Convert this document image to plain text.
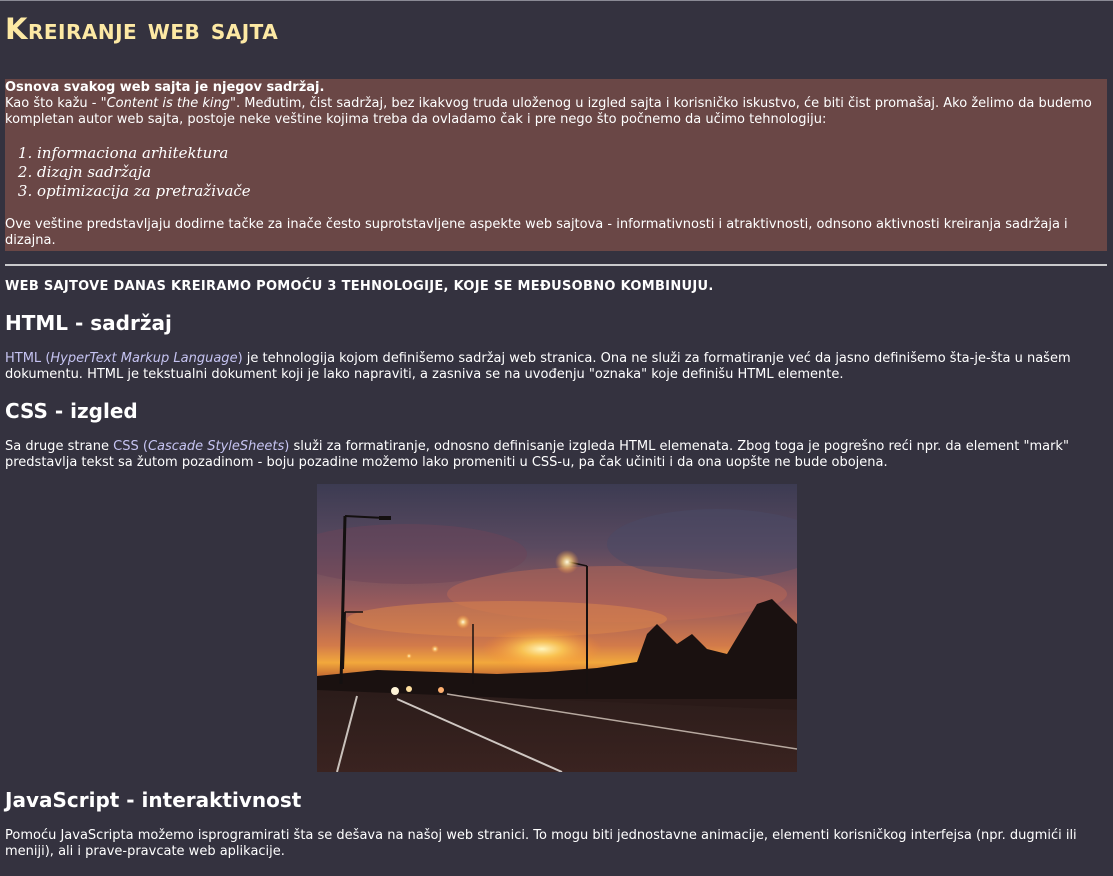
Kreiranje web sajta

Osnova svakog web sajta je njegov sadržaj.

Kao što kažu - "Content is the king". Međutim, čist sadržaj, bez ikakvog truda uloženog u izgled sajta i korisničko iskustvo, će biti čist promašaj. Ako želimo da budemo kompletan autor web sajta, postoje neke veštine kojima treba da ovladamo čak i pre nego što počnemo da učimo tehnologiju:

1. informaciona arhitektura
2. dizajn sadržaja
3. optimizacija za pretraživače

Ove veštine predstavljaju dodirne tačke za inače često suprotstavljene aspekte web sajtova - informativnosti i atraktivnosti, odnsono aktivnosti kreiranja sadržaja i dizajna.

WEB SAJTOVE DANAS KREIRAMO POMOĆU 3 TEHNOLOGIJE, KOJE SE MEĐUSOBNO KOMBINUJU.

HTML - sadržaj

HTML (HyperText Markup Language) je tehnologija kojom definišemo sadržaj web stranica. Ona ne služi za formatiranje već da jasno definišemo šta-je-šta u našem dokumentu. HTML je tekstualni dokument koji je lako napraviti, a zasniva se na uvođenju "oznaka" koje definišu HTML elemente.

CSS - izgled

Sa druge strane CSS (Cascade StyleSheets) služi za formatiranje, odnosno definisanje izgleda HTML elemenata. Zbog toga je pogrešno reći npr. da element "mark" predstavlja tekst sa žutom pozadinom - boju pozadine možemo lako promeniti u CSS-u, pa čak učiniti i da ona uopšte ne bude obojena.

JavaScript - interaktivnost

Pomoću JavaScripta možemo isprogramirati šta se dešava na našoj web stranici. To mogu biti jednostavne animacije, elementi korisničkog interfejsa (npr. dugmići ili meniji), ali i prave-pravcate web aplikacije.
